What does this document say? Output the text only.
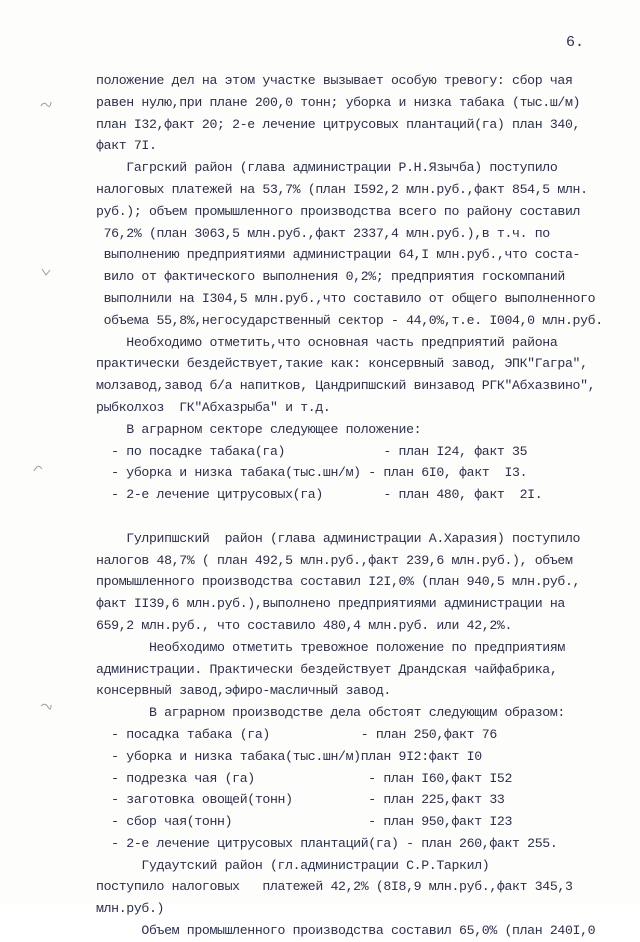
6.
положение дел на этом участке вызывает особую тревогу: сбор чая
равен нулю,при плане 200,0 тонн; уборка и низка табака (тыс.ш/м)
план I32,факт 20; 2-е лечение цитрусовых плантаций(га) план 340,
факт 7I.
Гагрский район (глава администрации Р.Н.Язычба) поступило
налоговых платежей на 53,7% (план I592,2 млн.руб.,факт 854,5 млн.
руб.); объем промышленного производства всего по району составил
76,2% (план 3063,5 млн.руб.,факт 2337,4 млн.руб.),в т.ч. по
выполнению предприятиями администрации 64,I млн.руб.,что соста-
вило от фактического выполнения 0,2%; предприятия госкомпаний
выполнили на I304,5 млн.руб.,что составило от общего выполненного
объема 55,8%,негосударственный сектор - 44,0%,т.е. I004,0 млн.руб.
Необходимо отметить,что основная часть предприятий района
практически бездействует,такие как: консервный завод, ЭПК"Гагра",
молзавод,завод б/а напитков, Цандрипшский винзавод РГК"Абхазвино",
рыбколхоз  ГК"Абхазрыба" и т.д.
В аграрном секторе следующее положение:
- по посадке табака(га)             - план I24, факт 35
- уборка и низка табака(тыс.шн/м) - план 6I0, факт  I3.
- 2-е лечение цитрусовых(га)        - план 480, факт  2I.
Гулрипшский  район (глава администрации А.Харазия) поступило
налогов 48,7% ( план 492,5 млн.руб.,факт 239,6 млн.руб.), объем
промышленного производства составил I2I,0% (план 940,5 млн.руб.,
факт II39,6 млн.руб.),выполнено предприятиями администрации на
659,2 млн.руб., что составило 480,4 млн.руб. или 42,2%.
Необходимо отметить тревожное положение по предприятиям
администрации. Практически бездействует Драндская чайфабрика,
консервный завод,эфиро-масличный завод.
В аграрном производстве дела обстоят следующим образом:
- посадка табака (га)            - план 250,факт 76
- уборка и низка табака(тыс.шн/м)план 9I2:факт I0
- подрезка чая (га)               - план I60,факт I52
- заготовка овощей(тонн)          - план 225,факт 33
- сбор чая(тонн)                  - план 950,факт I23
- 2-е лечение цитрусовых плантаций(га) - план 260,факт 255.
Гудаутский район (гл.администрации С.Р.Таркил)
поступило налоговых   платежей 42,2% (8I8,9 млн.руб.,факт 345,3
млн.руб.)
Объем промышленного производства составил 65,0% (план 240I,0
